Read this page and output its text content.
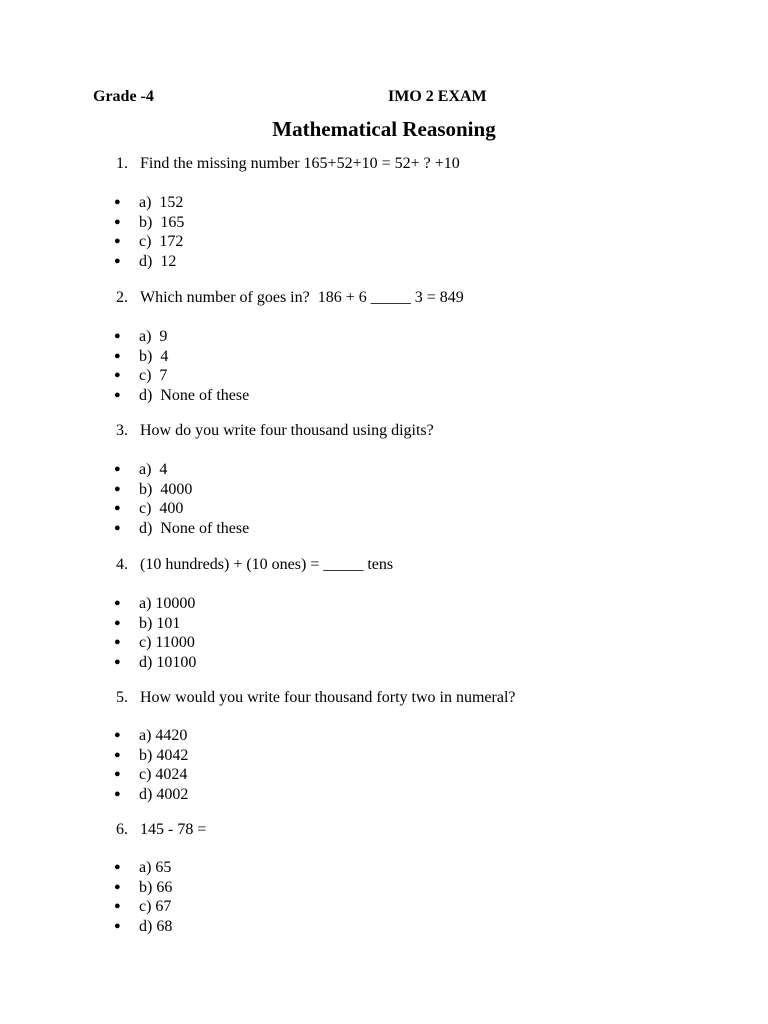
Grade -4	IMO 2 EXAM
Mathematical Reasoning
1. Find the missing number 165+52+10 = 52+ ? +10
● a)  152
● b)  165
● c)  172
● d)  12
2. Which number of goes in?  186 + 6 _____ 3 = 849
● a)  9
● b)  4
● c)  7
● d)  None of these
3. How do you write four thousand using digits?
● a)  4
● b)  4000
● c)  400
● d)  None of these
4. (10 hundreds) + (10 ones) = _____ tens
● a) 10000
● b) 101
● c) 11000
● d) 10100
5. How would you write four thousand forty two in numeral?
● a) 4420
● b) 4042
● c) 4024
● d) 4002
6. 145 - 78 =
● a) 65
● b) 66
● c) 67
● d) 68
